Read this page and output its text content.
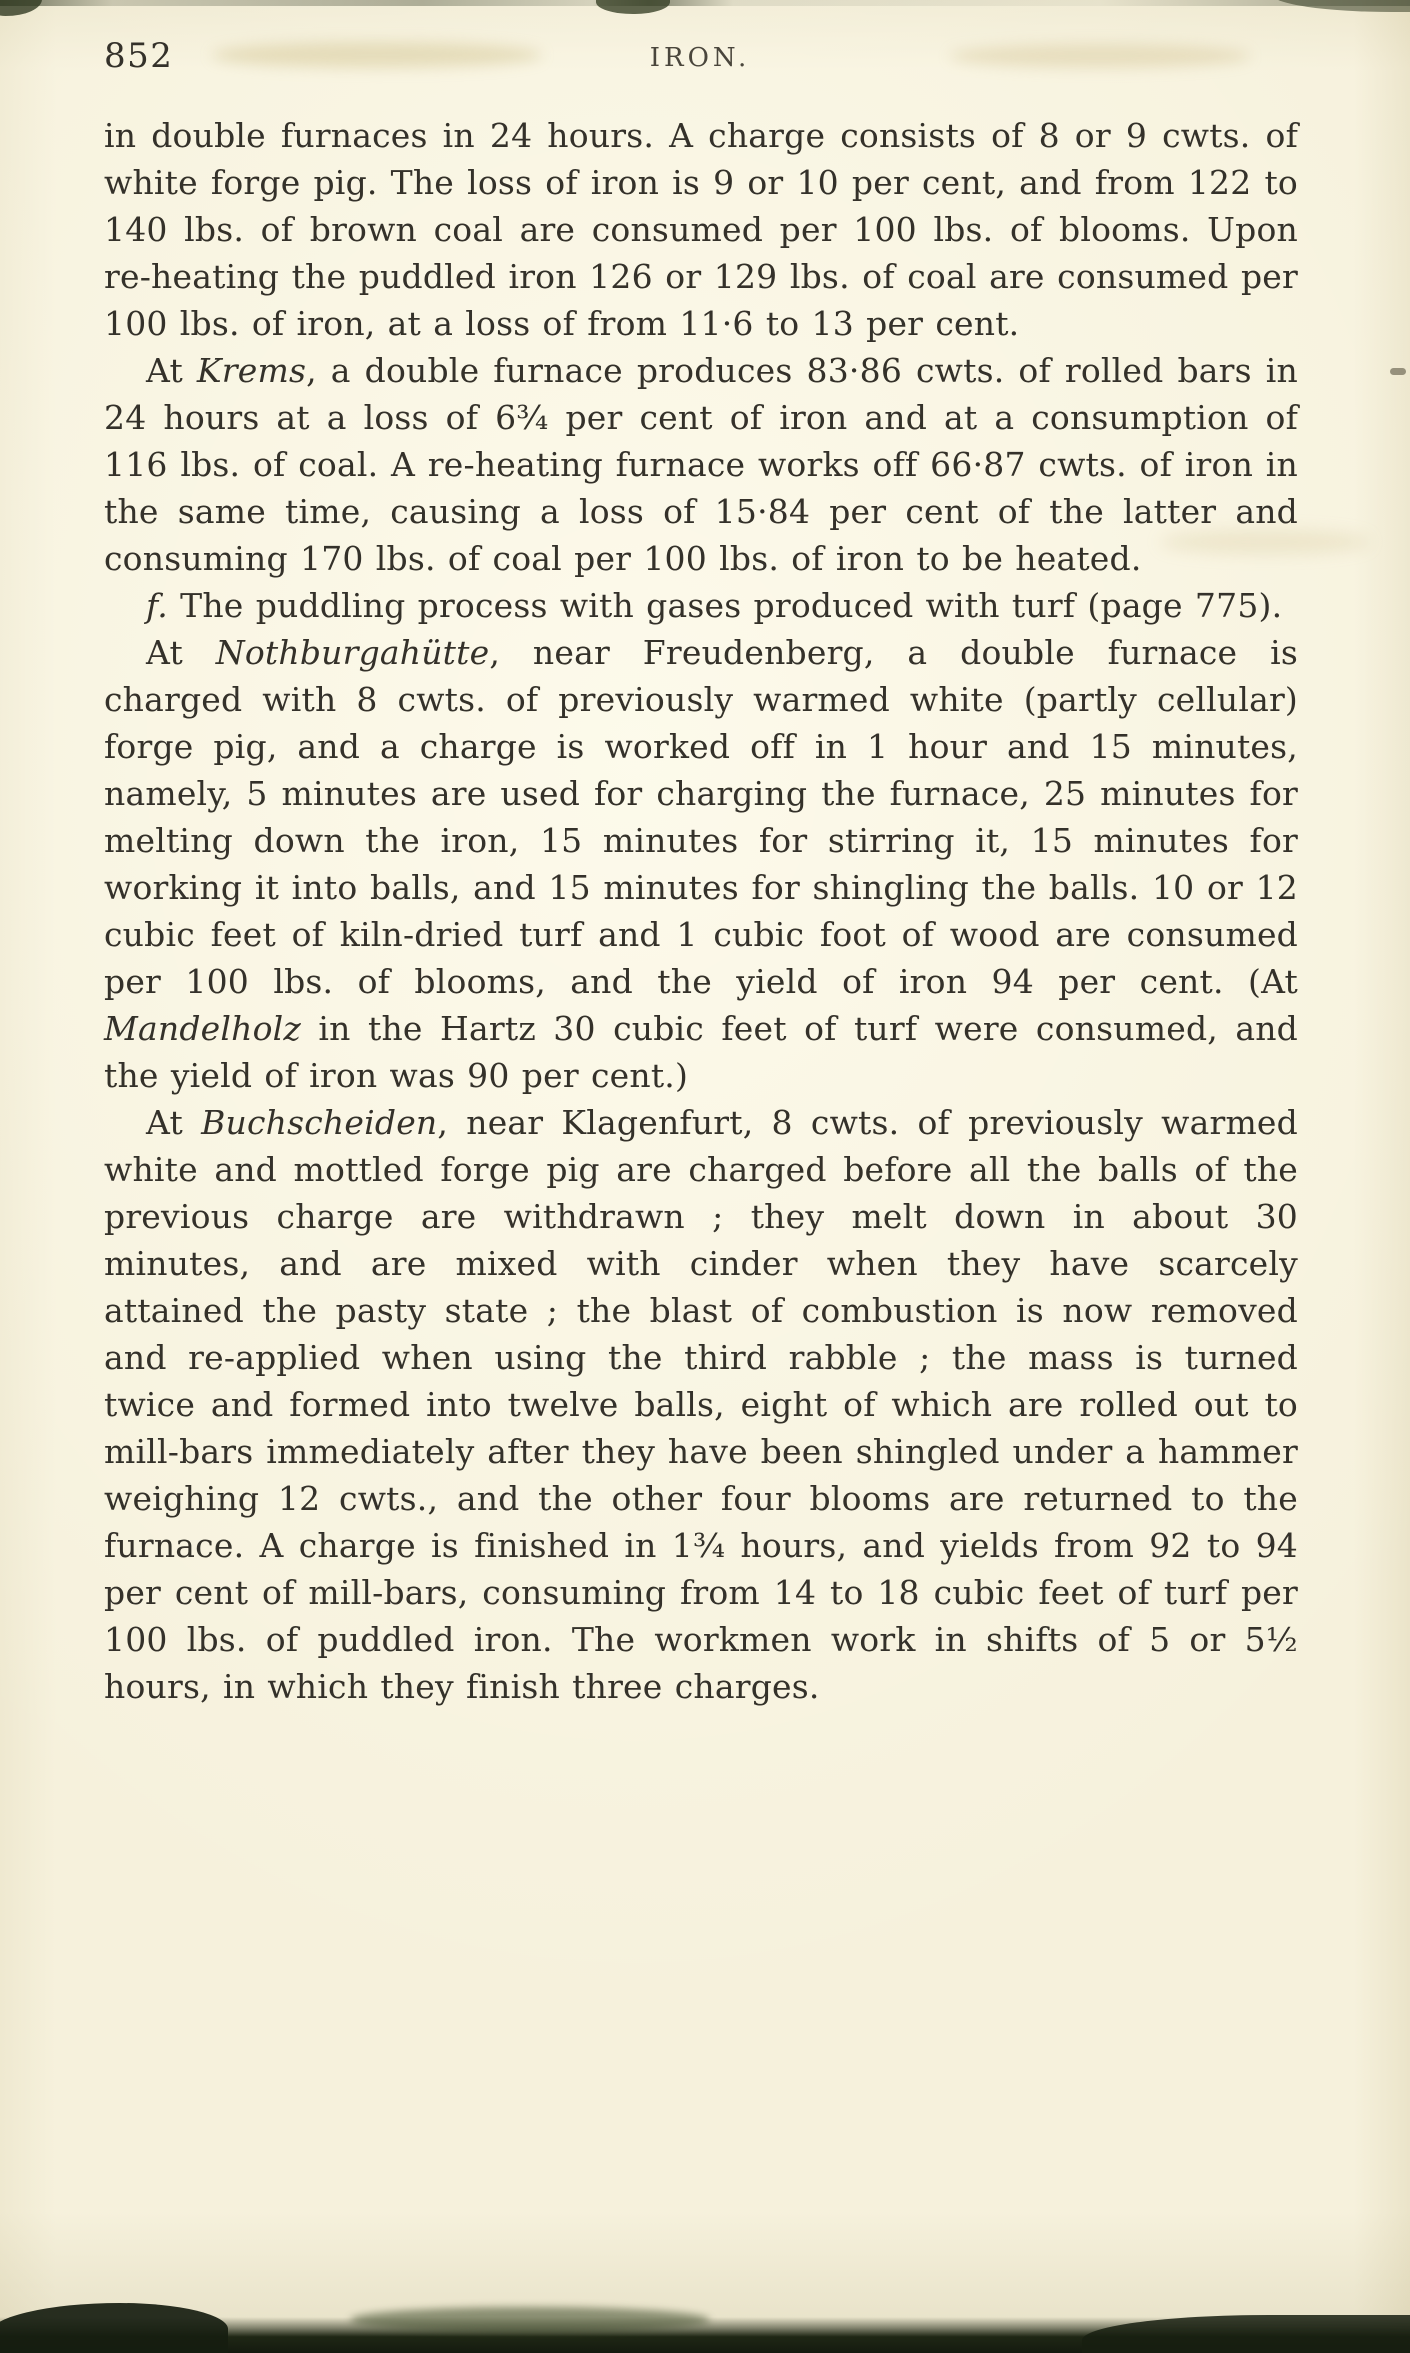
852	IRON.

in double furnaces in 24 hours. A charge consists of 8 or 9 cwts. of white forge pig. The loss of iron is 9 or 10 per cent, and from 122 to 140 lbs. of brown coal are consumed per 100 lbs. of blooms. Upon re-heating the puddled iron 126 or 129 lbs. of coal are consumed per 100 lbs. of iron, at a loss of from 11·6 to 13 per cent.

At Krems, a double furnace produces 83·86 cwts. of rolled bars in 24 hours at a loss of 6¾ per cent of iron and at a consumption of 116 lbs. of coal. A re-heating furnace works off 66·87 cwts. of iron in the same time, causing a loss of 15·84 per cent of the latter and consuming 170 lbs. of coal per 100 lbs. of iron to be heated.

f. The puddling process with gases produced with turf (page 775).

At Nothburgahütte, near Freudenberg, a double furnace is charged with 8 cwts. of previously warmed white (partly cellular) forge pig, and a charge is worked off in 1 hour and 15 minutes, namely, 5 minutes are used for charging the furnace, 25 minutes for melting down the iron, 15 minutes for stirring it, 15 minutes for working it into balls, and 15 minutes for shingling the balls. 10 or 12 cubic feet of kiln-dried turf and 1 cubic foot of wood are consumed per 100 lbs. of blooms, and the yield of iron 94 per cent. (At Mandelholz in the Hartz 30 cubic feet of turf were consumed, and the yield of iron was 90 per cent.)

At Buchscheiden, near Klagenfurt, 8 cwts. of previously warmed white and mottled forge pig are charged before all the balls of the previous charge are withdrawn ; they melt down in about 30 minutes, and are mixed with cinder when they have scarcely attained the pasty state ; the blast of combustion is now removed and re-applied when using the third rabble ; the mass is turned twice and formed into twelve balls, eight of which are rolled out to mill-bars immediately after they have been shingled under a hammer weighing 12 cwts., and the other four blooms are returned to the furnace. A charge is finished in 1¾ hours, and yields from 92 to 94 per cent of mill-bars, consuming from 14 to 18 cubic feet of turf per 100 lbs. of puddled iron. The workmen work in shifts of 5 or 5½ hours, in which they finish three charges.
